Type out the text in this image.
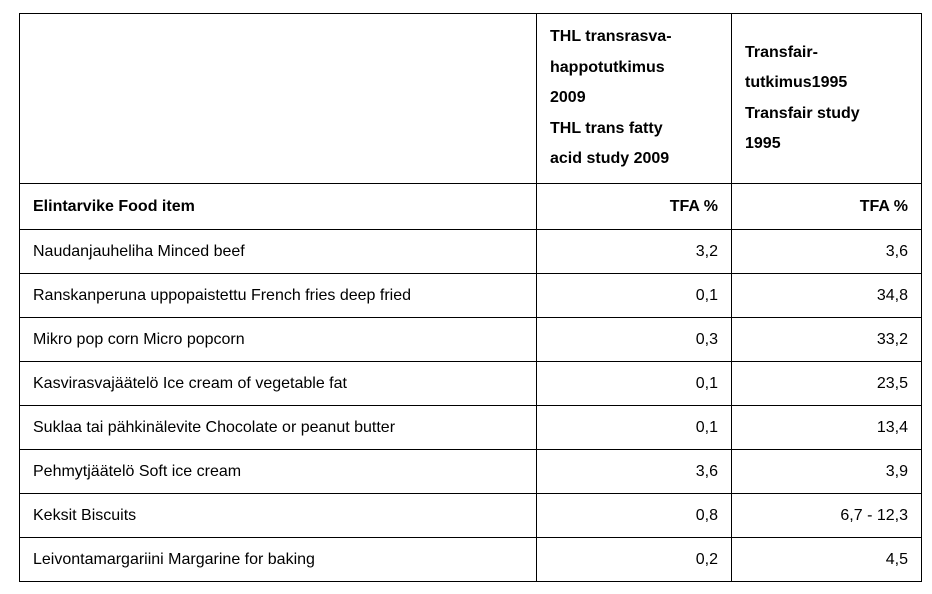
	THL transrasva-
happotutkimus
2009
THL trans fatty
acid study 2009	Transfair-
tutkimus1995
Transfair study
1995

Elintarvike Food item	TFA %	TFA %
Naudanjauheliha Minced beef	3,2	3,6
Ranskanperuna uppopaistettu French fries deep fried	0,1	34,8
Mikro pop corn Micro popcorn	0,3	33,2
Kasvirasvajäätelö Ice cream of vegetable fat	0,1	23,5
Suklaa tai pähkinälevite Chocolate or peanut butter	0,1	13,4
Pehmytjäätelö Soft ice cream	3,6	3,9
Keksit Biscuits	0,8	6,7 - 12,3
Leivontamargariini Margarine for baking	0,2	4,5
